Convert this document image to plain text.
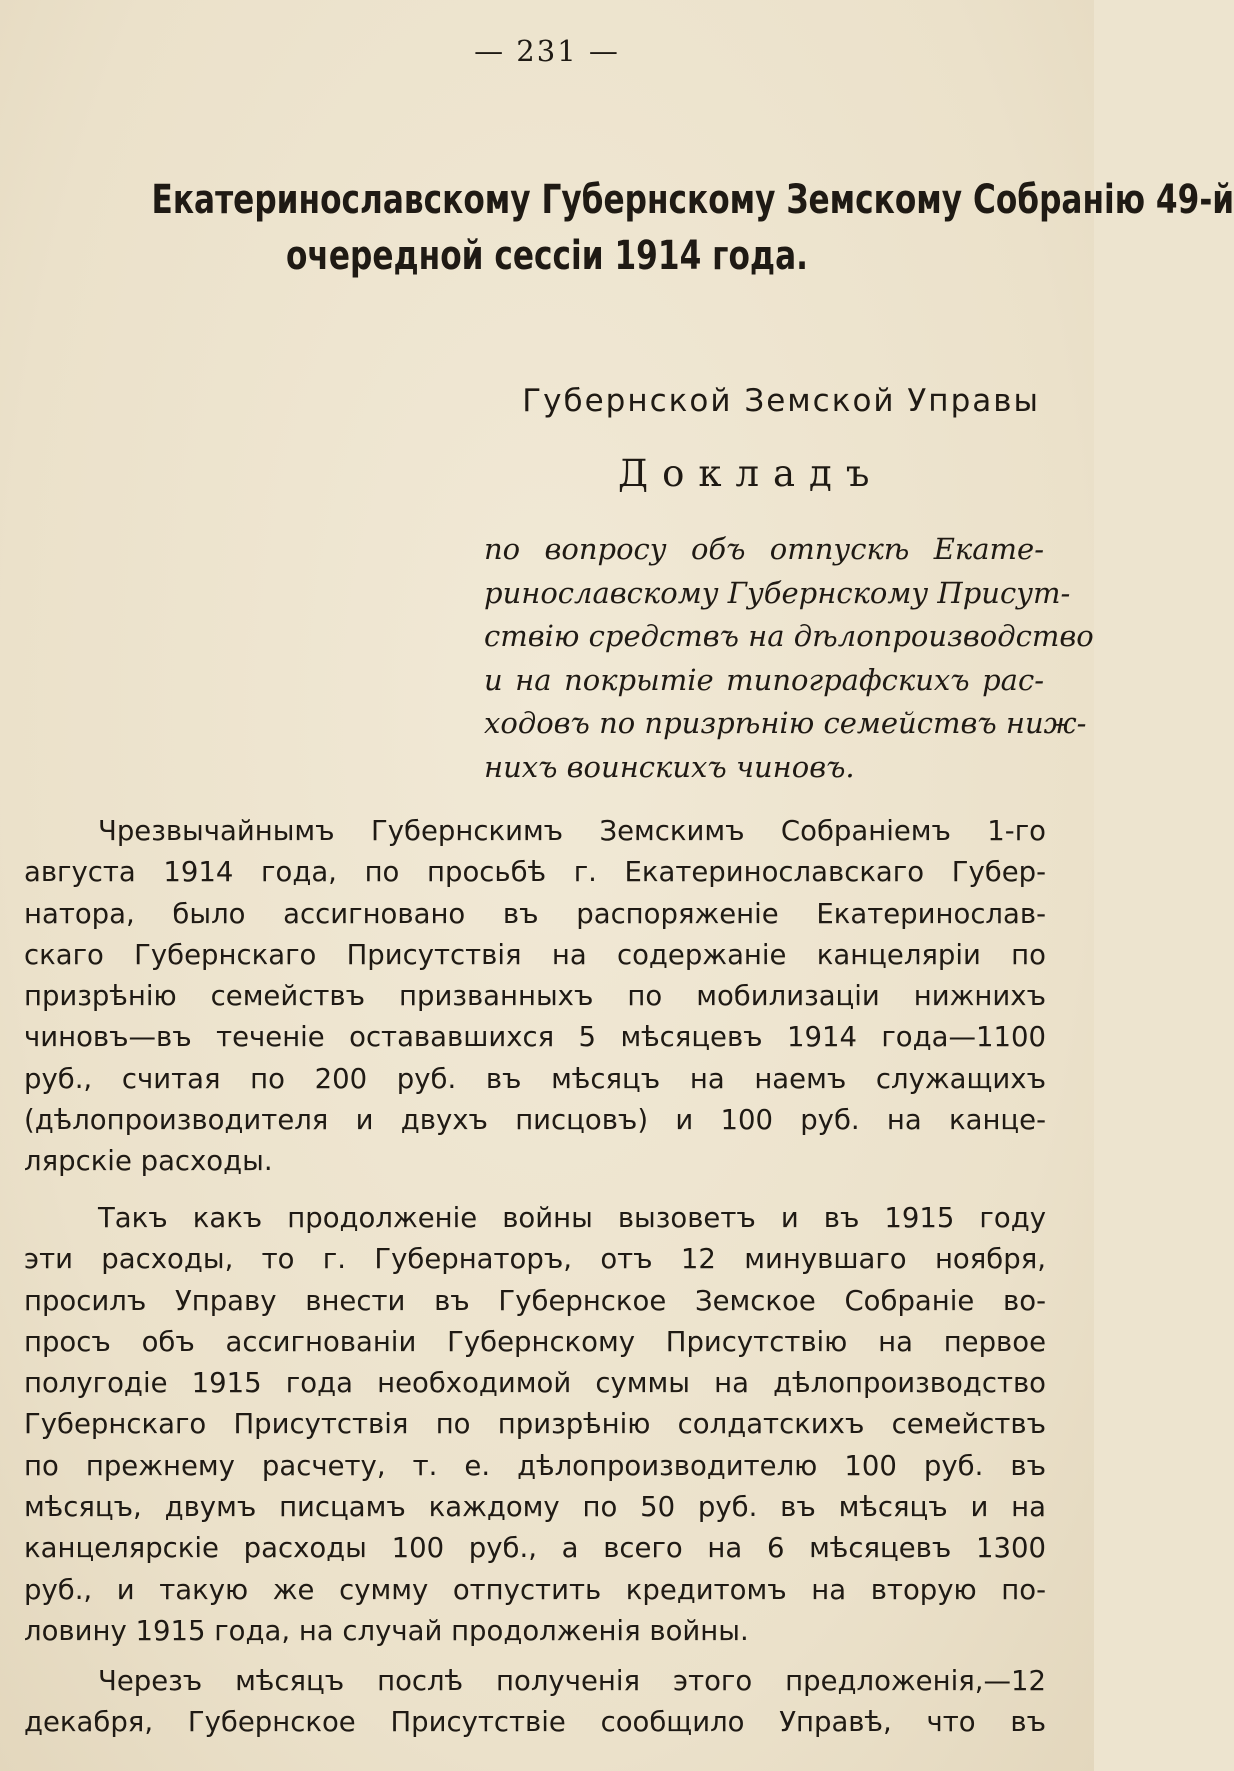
— 231 —
Екатеринославскому Губернскому Земскому Собранію 49-й
очередной сессіи 1914 года.
Губернской Земской Управы
Докладъ
по вопросу объ отпускѣ Екате-
ринославскому Губернскому Присут-
ствію средствъ на дѣлопроизводство
и на покрытіе типографскихъ рас-
ходовъ по призрѣнію семействъ ниж-
нихъ воинскихъ чиновъ.
Чрезвычайнымъ Губернскимъ Земскимъ Собраніемъ 1-го
августа 1914 года, по просьбѣ г. Екатеринославскаго Губер-
натора, было ассигновано въ распоряженіе Екатеринослав-
скаго Губернскаго Присутствія на содержаніе канцеляріи по
призрѣнію семействъ призванныхъ по мобилизаціи нижнихъ
чиновъ—въ теченіе остававшихся 5 мѣсяцевъ 1914 года—1100
руб., считая по 200 руб. въ мѣсяцъ на наемъ служащихъ
(дѣлопроизводителя и двухъ писцовъ) и 100 руб. на канце-
лярскіе расходы.
Такъ какъ продолженіе войны вызоветъ и въ 1915 году
эти расходы, то г. Губернаторъ, отъ 12 минувшаго ноября,
просилъ Управу внести въ Губернское Земское Собраніе во-
просъ объ ассигнованіи Губернскому Присутствію на первое
полугодіе 1915 года необходимой суммы на дѣлопроизводство
Губернскаго Присутствія по призрѣнію солдатскихъ семействъ
по прежнему расчету, т. е. дѣлопроизводителю 100 руб. въ
мѣсяцъ, двумъ писцамъ каждому по 50 руб. въ мѣсяцъ и на
канцелярскіе расходы 100 руб., а всего на 6 мѣсяцевъ 1300
руб., и такую же сумму отпустить кредитомъ на вторую по-
ловину 1915 года, на случай продолженія войны.
Черезъ мѣсяцъ послѣ полученія этого предложенія,—12
декабря, Губернское Присутствіе сообщило Управѣ, что въ
